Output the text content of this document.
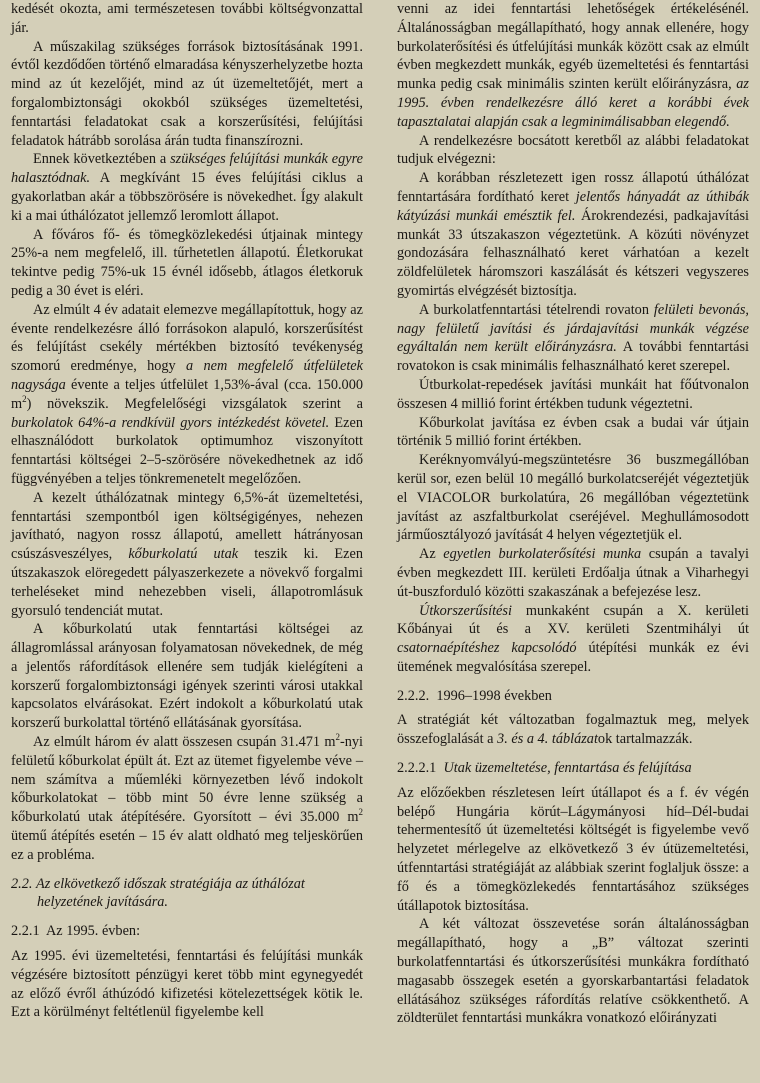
kedését okozta, ami természetesen további költségvonzattal jár.

A műszakilag szükséges források biztosításának 1991. évtől kezdődően történő elmaradása kényszerhelyzetbe hozta mind az út kezelőjét, mind az út üzemeltetőjét, mert a forgalombiztonsági okokból szükséges üzemeltetési, fenntartási feladatokat csak a korszerűsítési, felújítási feladatok hátrább sorolása árán tudta finanszírozni.

Ennek következtében a szükséges felújítási munkák egyre halasztódnak. A megkívánt 15 éves felújítási ciklus a gyakorlatban akár a többszörösére is növekedhet. Így alakult ki a mai úthálózatot jellemző leromlott állapot.

A főváros fő- és tömegközlekedési útjainak mintegy 25%-a nem megfelelő, ill. tűrhetetlen állapotú. Életkorukat tekintve pedig 75%-uk 15 évnél idősebb, átlagos életkoruk pedig a 30 évet is eléri.

Az elmúlt 4 év adatait elemezve megállapítottuk, hogy az évente rendelkezésre álló forrásokon alapuló, korszerűsítést és felújítást csekély mértékben biztosító tevékenység szomorú eredménye, hogy a nem megfelelő útfelületek nagysága évente a teljes útfelület 1,53%-ával (cca. 150.000 $m^2$) növekszik. Megfelelőségi vizsgálatok szerint a burkolatok 64%-a rendkívül gyors intézkedést követel. Ezen elhasználódott burkolatok optimumhoz viszonyított fenntartási költségei 2–5-szörösére növekedhetnek az idő függvényében a teljes tönkremenetelt megelőzően.

A kezelt úthálózatnak mintegy 6,5%-át üzemeltetési, fenntartási szempontból igen költségigényes, nehezen javítható, nagyon rossz állapotú, amellett hátrányosan csúszásveszélyes, kőburkolatú utak teszik ki. Ezen útszakaszok elöregedett pályaszerkezete a növekvő forgalmi terheléseket mind nehezebben viseli, állapotromlásuk gyorsuló tendenciát mutat.

A kőburkolatú utak fenntartási költségei az állagromlással arányosan folyamatosan növekednek, de még a jelentős ráfordítások ellenére sem tudják kielégíteni a korszerű forgalombiztonsági igények szerinti városi utakkal kapcsolatos elvárásokat. Ezért indokolt a kőburkolatú utak korszerű burkolattal történő ellátásának gyorsítása.

Az elmúlt három év alatt összesen csupán 31.471 $m^2$-nyi felületű kőburkolat épült át. Ezt az ütemet figyelembe véve – nem számítva a műemléki környezetben lévő indokolt kőburkolatokat – több mint 50 évre lenne szükség a kőburkolatú utak átépítésére. Gyorsított – évi 35.000 $m^2$ ütemű átépítés esetén – 15 év alatt oldható meg teljeskörűen ez a probléma.

2.2. Az elkövetkező időszak stratégiája az úthálózat helyzetének javítására.

2.2.1  Az 1995. évben:

Az 1995. évi üzemeltetési, fenntartási és felújítási munkák végzésére biztosított pénzügyi keret több mint egynegyedét az előző évről áthúzódó kifizetési kötelezettségek kötik le. Ezt a körülményt feltétlenül figyelembe kell

venni az idei fenntartási lehetőségek értékelésénél. Általánosságban megállapítható, hogy annak ellenére, hogy burkolaterősítési és útfelújítási munkák között csak az elmúlt évben megkezdett munkák, egyéb üzemeltetési és fenntartási munka pedig csak minimális szinten került előirányzásra, az 1995. évben rendelkezésre álló keret a korábbi évek tapasztalatai alapján csak a legminimálisabban elegendő.

A rendelkezésre bocsátott keretből az alábbi feladatokat tudjuk elvégezni:

A korábban részletezett igen rossz állapotú úthálózat fenntartására fordítható keret jelentős hányadát az úthibák kátyúzási munkái emésztik fel. Árokrendezési, padkajavítási munkát 33 útszakaszon végeztetünk. A közúti növényzet gondozására felhasználható keret várhatóan a kezelt zöldfelületek háromszori kaszálását és kétszeri vegyszeres gyomirtás elvégzését biztosítja.

A burkolatfenntartási tételrendi rovaton felületi bevonás, nagy felületű javítási és járdajavítási munkák végzése egyáltalán nem került előirányzásra. A további fenntartási rovatokon is csak minimális felhasználható keret szerepel.

Útburkolat-repedések javítási munkáit hat főútvonalon összesen 4 millió forint értékben tudunk végeztetni.

Kőburkolat javítása ez évben csak a budai vár útjain történik 5 millió forint értékben.

Keréknyomvályú-megszüntetésre 36 buszmegállóban kerül sor, ezen belül 10 megálló burkolatcseréjét végeztetjük el VIACOLOR burkolatúra, 26 megállóban végeztetünk javítást az aszfaltburkolat cseréjével. Meghullámosodott járműosztályozó javítását 4 helyen végeztetjük el.

Az egyetlen burkolaterősítési munka csupán a tavalyi évben megkezdett III. kerületi Erdőalja útnak a Viharhegyi út-buszforduló közötti szakaszának a befejezése lesz.

Útkorszerűsítési munkaként csupán a X. kerületi Kőbányai út és a XV. kerületi Szentmihályi út csatornaépítéshez kapcsolódó útépítési munkák ez évi ütemének megvalósítása szerepel.

2.2.2.  1996–1998 években

A stratégiát két változatban fogalmaztuk meg, melyek összefoglalását a 3. és a 4. táblázatok tartalmazzák.

2.2.2.1 Utak üzemeltetése, fenntartása és felújítása

Az előzőekben részletesen leírt útállapot és a f. év végén belépő Hungária körút–Lágymányosi híd–Dél-budai tehermentesítő út üzemeltetési költségét is figyelembe vevő helyzetet mérlegelve az elkövetkező 3 év útüzemeltetési, útfenntartási stratégiáját az alábbiak szerint foglaljuk össze: a fő és a tömegközlekedés fenntartásához szükséges útállapotok biztosítása.

A két változat összevetése során általánosságban megállapítható, hogy a „B” változat szerinti burkolatfenntartási és útkorszerűsítési munkákra fordítható magasabb összegek esetén a gyorskarbantartási feladatok ellátásához szükséges ráfordítás relatíve csökkenthető. A zöldterület fenntartási munkákra vonatkozó előirányzati
